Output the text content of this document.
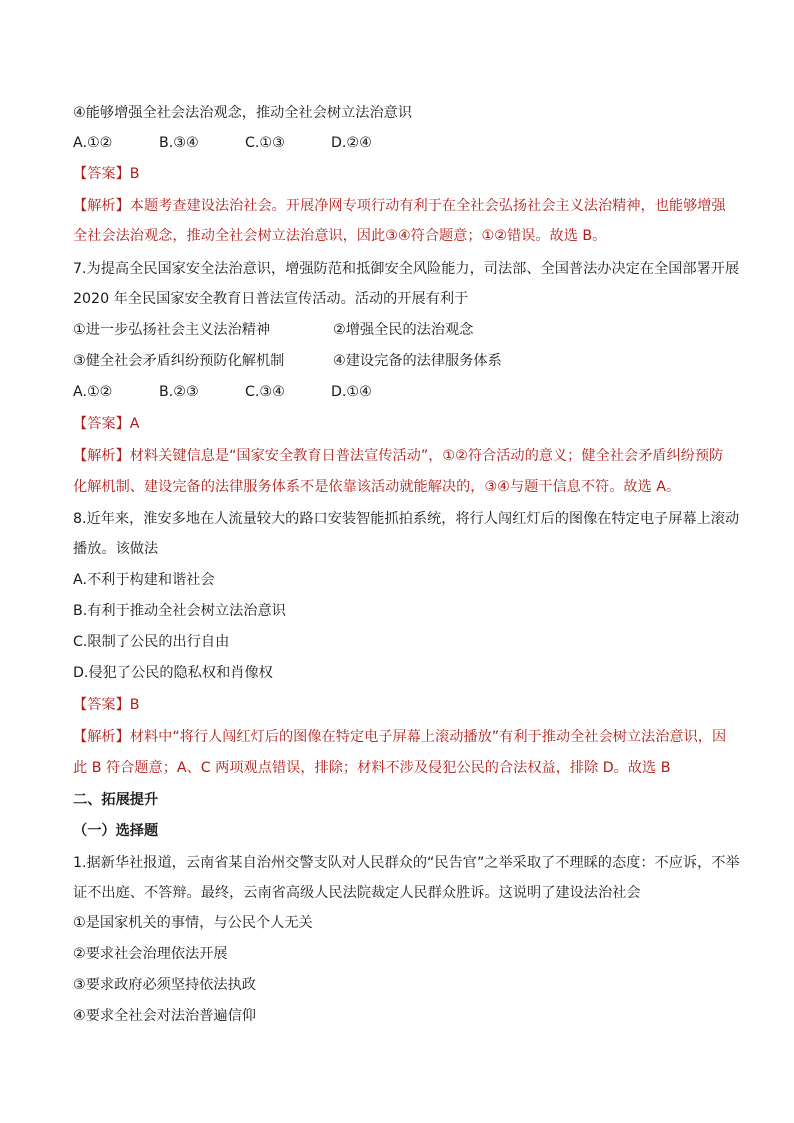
④能够增强全社会法治观念，推动全社会树立法治意识
A.①②	B.③④	C.①③	D.②④
【答案】B
【解析】本题考查建设法治社会。开展净网专项行动有利于在全社会弘扬社会主义法治精神，也能够增强
全社会法治观念，推动全社会树立法治意识，因此③④符合题意；①②错误。故选 B。
7.为提高全民国家安全法治意识，增强防范和抵御安全风险能力，司法部、全国普法办决定在全国部署开展
2020 年全民国家安全教育日普法宣传活动。活动的开展有利于
①进一步弘扬社会主义法治精神	②增强全民的法治观念
③健全社会矛盾纠纷预防化解机制	④建设完备的法律服务体系
A.①②	B.②③	C.③④	D.①④
【答案】A
【解析】材料关键信息是“国家安全教育日普法宣传活动”，①②符合活动的意义；健全社会矛盾纠纷预防
化解机制、建设完备的法律服务体系不是依靠该活动就能解决的，③④与题干信息不符。故选 A。
8.近年来，淮安多地在人流量较大的路口安装智能抓拍系统，将行人闯红灯后的图像在特定电子屏幕上滚动
播放。该做法
A.不利于构建和谐社会
B.有利于推动全社会树立法治意识
C.限制了公民的出行自由
D.侵犯了公民的隐私权和肖像权
【答案】B
【解析】材料中“将行人闯红灯后的图像在特定电子屏幕上滚动播放”有利于推动全社会树立法治意识，因
此 B 符合题意；A、C 两项观点错误，排除；材料不涉及侵犯公民的合法权益，排除 D。故选 B
二、拓展提升
（一）选择题
1.据新华社报道，云南省某自治州交警支队对人民群众的“民告官”之举采取了不理睬的态度：不应诉，不举
证不出庭、不答辩。最终，云南省高级人民法院裁定人民群众胜诉。这说明了建设法治社会
①是国家机关的事情，与公民个人无关
②要求社会治理依法开展
③要求政府必须坚持依法执政
④要求全社会对法治普遍信仰
